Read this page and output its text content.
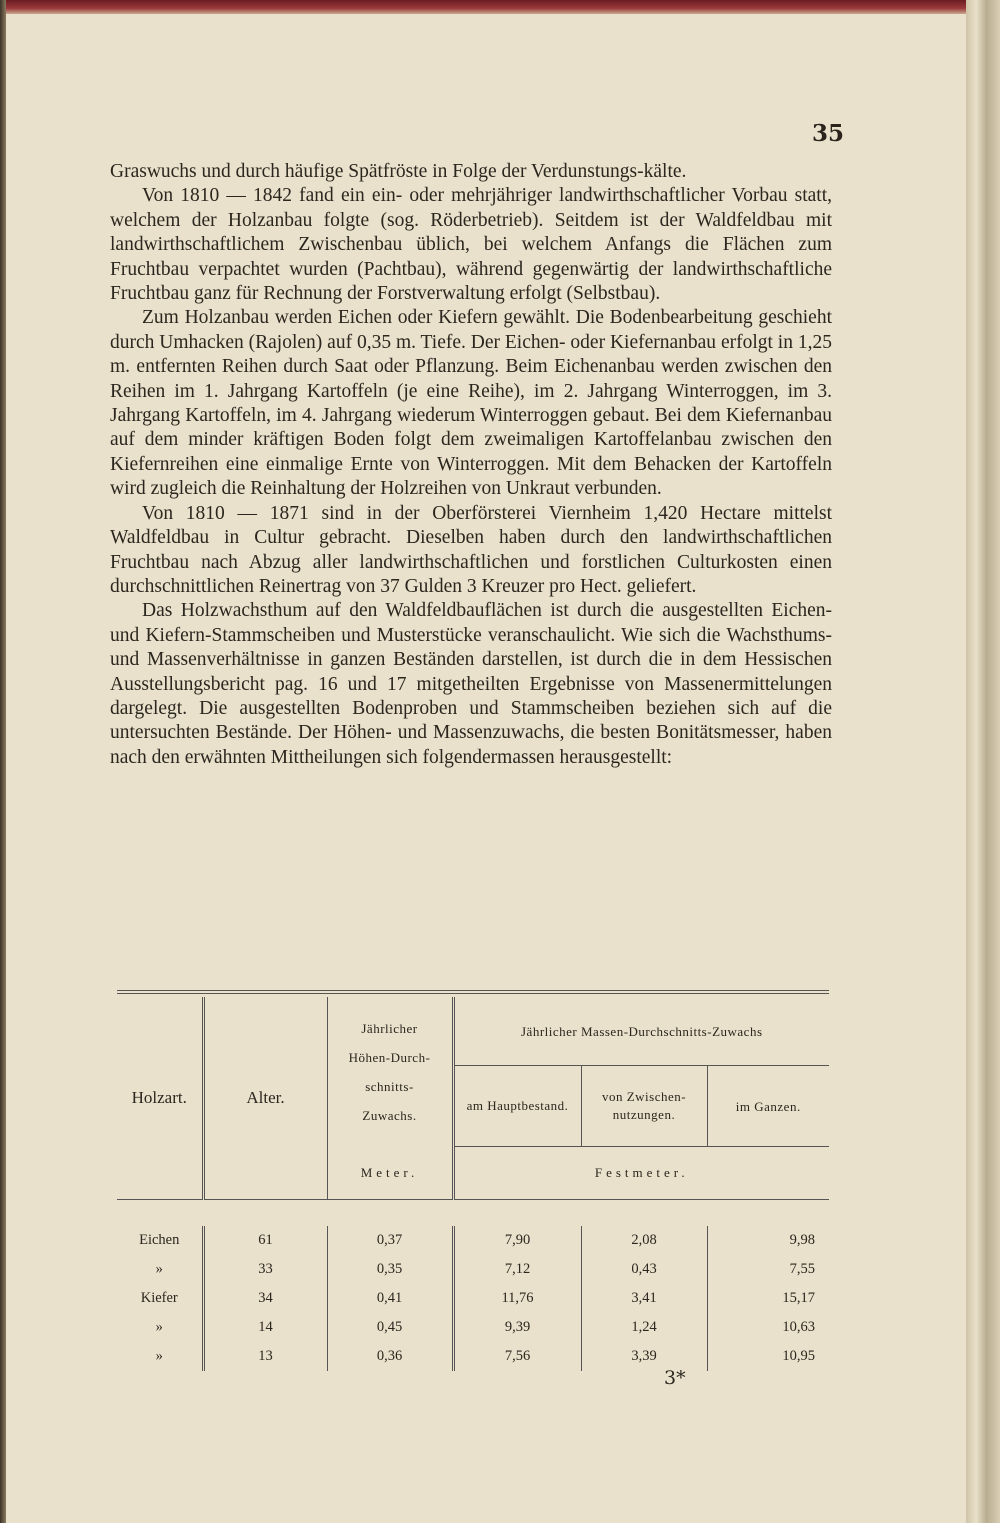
35

Graswuchs und durch häufige Spätfröste in Folge der Verdunstungs-kälte.

Von 1810 — 1842 fand ein ein- oder mehrjähriger landwirthschaftlicher Vorbau statt, welchem der Holzanbau folgte (sog. Röderbetrieb). Seitdem ist der Waldfeldbau mit landwirthschaftlichem Zwischenbau üblich, bei welchem Anfangs die Flächen zum Fruchtbau verpachtet wurden (Pachtbau), während gegenwärtig der landwirthschaftliche Fruchtbau ganz für Rechnung der Forstverwaltung erfolgt (Selbstbau).

Zum Holzanbau werden Eichen oder Kiefern gewählt. Die Bodenbearbeitung geschieht durch Umhacken (Rajolen) auf 0,35 m. Tiefe. Der Eichen- oder Kiefernanbau erfolgt in 1,25 m. entfernten Reihen durch Saat oder Pflanzung. Beim Eichenanbau werden zwischen den Reihen im 1. Jahrgang Kartoffeln (je eine Reihe), im 2. Jahrgang Winterroggen, im 3. Jahrgang Kartoffeln, im 4. Jahrgang wiederum Winterroggen gebaut. Bei dem Kiefernanbau auf dem minder kräftigen Boden folgt dem zweimaligen Kartoffelanbau zwischen den Kiefernreihen eine einmalige Ernte von Winterroggen. Mit dem Behacken der Kartoffeln wird zugleich die Reinhaltung der Holzreihen von Unkraut verbunden.

Von 1810 — 1871 sind in der Oberförsterei Viernheim 1,420 Hectare mittelst Waldfeldbau in Cultur gebracht. Dieselben haben durch den landwirthschaftlichen Fruchtbau nach Abzug aller landwirthschaftlichen und forstlichen Culturkosten einen durchschnittlichen Reinertrag von 37 Gulden 3 Kreuzer pro Hect. geliefert.

Das Holzwachsthum auf den Waldfeldbauflächen ist durch die ausgestellten Eichen- und Kiefern-Stammscheiben und Musterstücke veranschaulicht. Wie sich die Wachsthums- und Massenverhältnisse in ganzen Beständen darstellen, ist durch die in dem Hessischen Ausstellungsbericht pag. 16 und 17 mitgetheilten Ergebnisse von Massenermittelungen dargelegt. Die ausgestellten Bodenproben und Stammscheiben beziehen sich auf die untersuchten Bestände. Der Höhen- und Massenzuwachs, die besten Bonitätsmesser, haben nach den erwähnten Mittheilungen sich folgendermassen herausgestellt:

Holzart.	Alter.	Jährlicher Höhen-Durch-schnitts-Zuwachs.	Jährlicher Massen-Durchschnitts-Zuwachs		
			am Hauptbestand.	von Zwischen-nutzungen.	im Ganzen.
		Meter.	Festmeter.		

Eichen	61	0,37	7,90	2,08	9,98
»	33	0,35	7,12	0,43	7,55
Kiefer	34	0,41	11,76	3,41	15,17
»	14	0,45	9,39	1,24	10,63
»	13	0,36	7,56	3,39	10,95
3*
